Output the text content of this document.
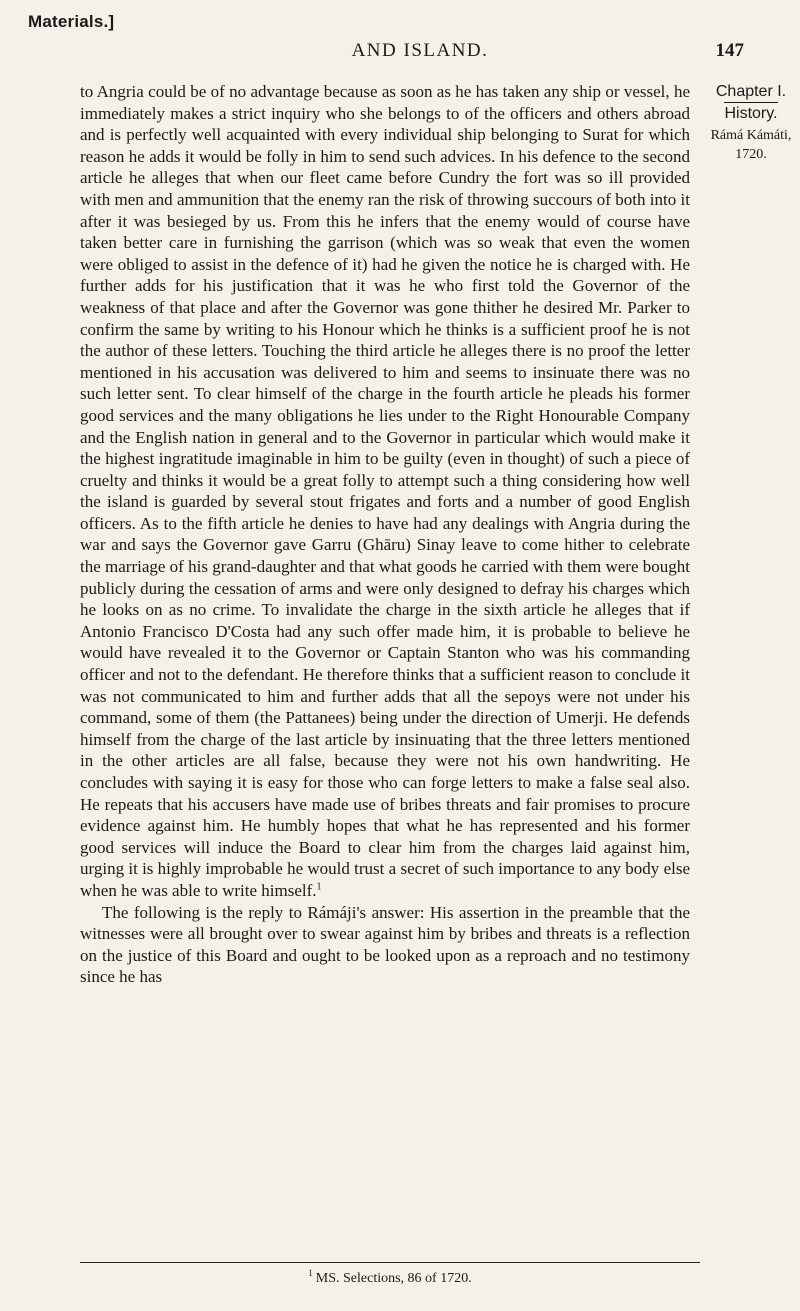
Materials.]
AND ISLAND.	147

to Angria could be of no advantage because as soon as he has taken any ship or vessel, he immediately makes a strict inquiry who she belongs to of the officers and others abroad and is perfectly well acquainted with every individual ship belonging to Surat for which reason he adds it would be folly in him to send such advices. In his defence to the second article he alleges that when our fleet came before Cundry the fort was so ill provided with men and ammunition that the enemy ran the risk of throwing succours of both into it after it was besieged by us. From this he infers that the enemy would of course have taken better care in furnishing the garrison (which was so weak that even the women were obliged to assist in the defence of it) had he given the notice he is charged with. He further adds for his justification that it was he who first told the Governor of the weakness of that place and after the Governor was gone thither he desired Mr. Parker to confirm the same by writing to his Honour which he thinks is a sufficient proof he is not the author of these letters. Touching the third article he alleges there is no proof the letter mentioned in his accusation was delivered to him and seems to insinuate there was no such letter sent. To clear himself of the charge in the fourth article he pleads his former good services and the many obligations he lies under to the Right Honourable Company and the English nation in general and to the Governor in particular which would make it the highest ingratitude imaginable in him to be guilty (even in thought) of such a piece of cruelty and thinks it would be a great folly to attempt such a thing considering how well the island is guarded by several stout frigates and forts and a number of good English officers. As to the fifth article he denies to have had any dealings with Angria during the war and says the Governor gave Garru (Ghāru) Sinay leave to come hither to celebrate the marriage of his grand-daughter and that what goods he carried with them were bought publicly during the cessation of arms and were only designed to defray his charges which he looks on as no crime. To invalidate the charge in the sixth article he alleges that if Antonio Francisco D'Costa had any such offer made him, it is probable to believe he would have revealed it to the Governor or Captain Stanton who was his commanding officer and not to the defendant. He therefore thinks that a sufficient reason to conclude it was not communicated to him and further adds that all the sepoys were not under his command, some of them (the Pattanees) being under the direction of Umerji. He defends himself from the charge of the last article by insinuating that the three letters mentioned in the other articles are all false, because they were not his own handwriting. He concludes with saying it is easy for those who can forge letters to make a false seal also. He repeats that his accusers have made use of bribes threats and fair promises to procure evidence against him. He humbly hopes that what he has represented and his former good services will induce the Board to clear him from the charges laid against him, urging it is highly improbable he would trust a secret of such importance to any body else when he was able to write himself.$^1$

The following is the reply to Rámáji's answer: His assertion in the preamble that the witnesses were all brought over to swear against him by bribes and threats is a reflection on the justice of this Board and ought to be looked upon as a reproach and no testimony since he has

Chapter I.
History.
Rámá Kámáti,
1720.
$^1$ MS. Selections, 86 of 1720.
